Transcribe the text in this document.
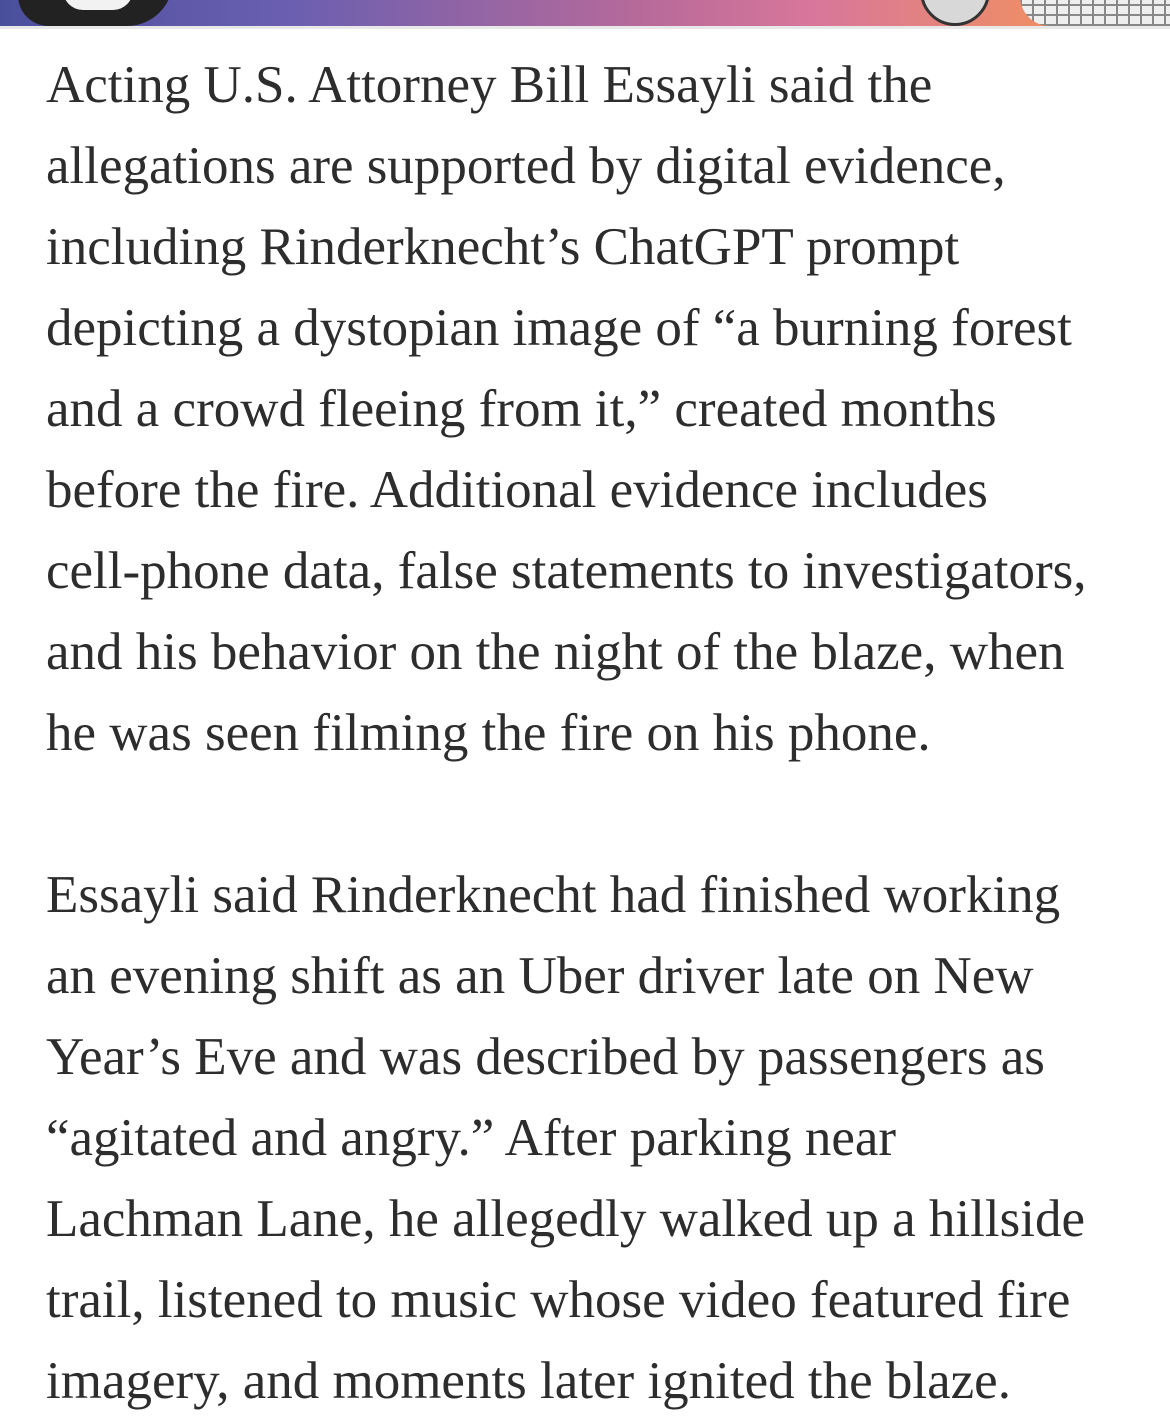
Acting U.S. Attorney Bill Essayli said the
allegations are supported by digital evidence,
including Rinderknecht’s ChatGPT prompt
depicting a dystopian image of “a burning forest
and a crowd fleeing from it,” created months
before the fire. Additional evidence includes
cell-phone data, false statements to investigators,
and his behavior on the night of the blaze, when
he was seen filming the fire on his phone.

Essayli said Rinderknecht had finished working
an evening shift as an Uber driver late on New
Year’s Eve and was described by passengers as
“agitated and angry.” After parking near
Lachman Lane, he allegedly walked up a hillside
trail, listened to music whose video featured fire
imagery, and moments later ignited the blaze.
